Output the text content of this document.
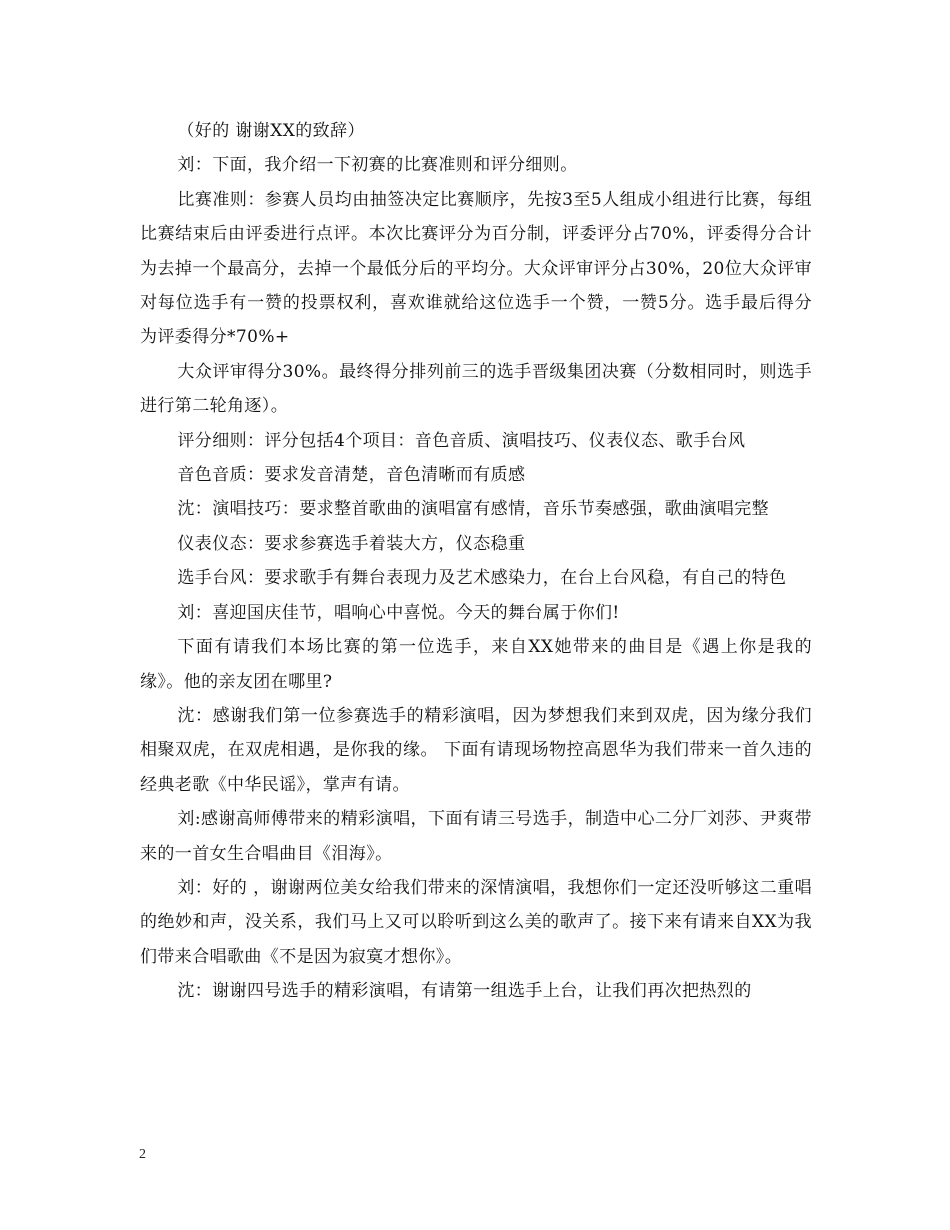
（好的 谢谢XX的致辞）

刘：下面，我介绍一下初赛的比赛准则和评分细则。

比赛准则：参赛人员均由抽签决定比赛顺序，先按3至5人组成小组进行比赛，每组比赛结束后由评委进行点评。本次比赛评分为百分制，评委评分占70%，评委得分合计为去掉一个最高分，去掉一个最低分后的平均分。大众评审评分占30%，20位大众评审对每位选手有一赞的投票权利，喜欢谁就给这位选手一个赞，一赞5分。选手最后得分为评委得分*70%+

大众评审得分30%。最终得分排列前三的选手晋级集团决赛（分数相同时，则选手进行第二轮角逐）。

评分细则：评分包括4个项目：音色音质、演唱技巧、仪表仪态、歌手台风

音色音质：要求发音清楚，音色清晰而有质感

沈：演唱技巧：要求整首歌曲的演唱富有感情，音乐节奏感强，歌曲演唱完整

仪表仪态：要求参赛选手着装大方，仪态稳重

选手台风：要求歌手有舞台表现力及艺术感染力，在台上台风稳，有自己的特色

刘：喜迎国庆佳节，唱响心中喜悦。今天的舞台属于你们!

下面有请我们本场比赛的第一位选手，来自XX她带来的曲目是《遇上你是我的缘》。他的亲友团在哪里?

沈：感谢我们第一位参赛选手的精彩演唱，因为梦想我们来到双虎，因为缘分我们相聚双虎，在双虎相遇，是你我的缘。 下面有请现场物控高恩华为我们带来一首久违的经典老歌《中华民谣》，掌声有请。

刘:感谢高师傅带来的精彩演唱，下面有请三号选手，制造中心二分厂刘莎、尹爽带来的一首女生合唱曲目《泪海》。

刘：好的 ，谢谢两位美女给我们带来的深情演唱，我想你们一定还没听够这二重唱的绝妙和声，没关系，我们马上又可以聆听到这么美的歌声了。接下来有请来自XX为我们带来合唱歌曲《不是因为寂寞才想你》。

沈：谢谢四号选手的精彩演唱，有请第一组选手上台，让我们再次把热烈的

2
